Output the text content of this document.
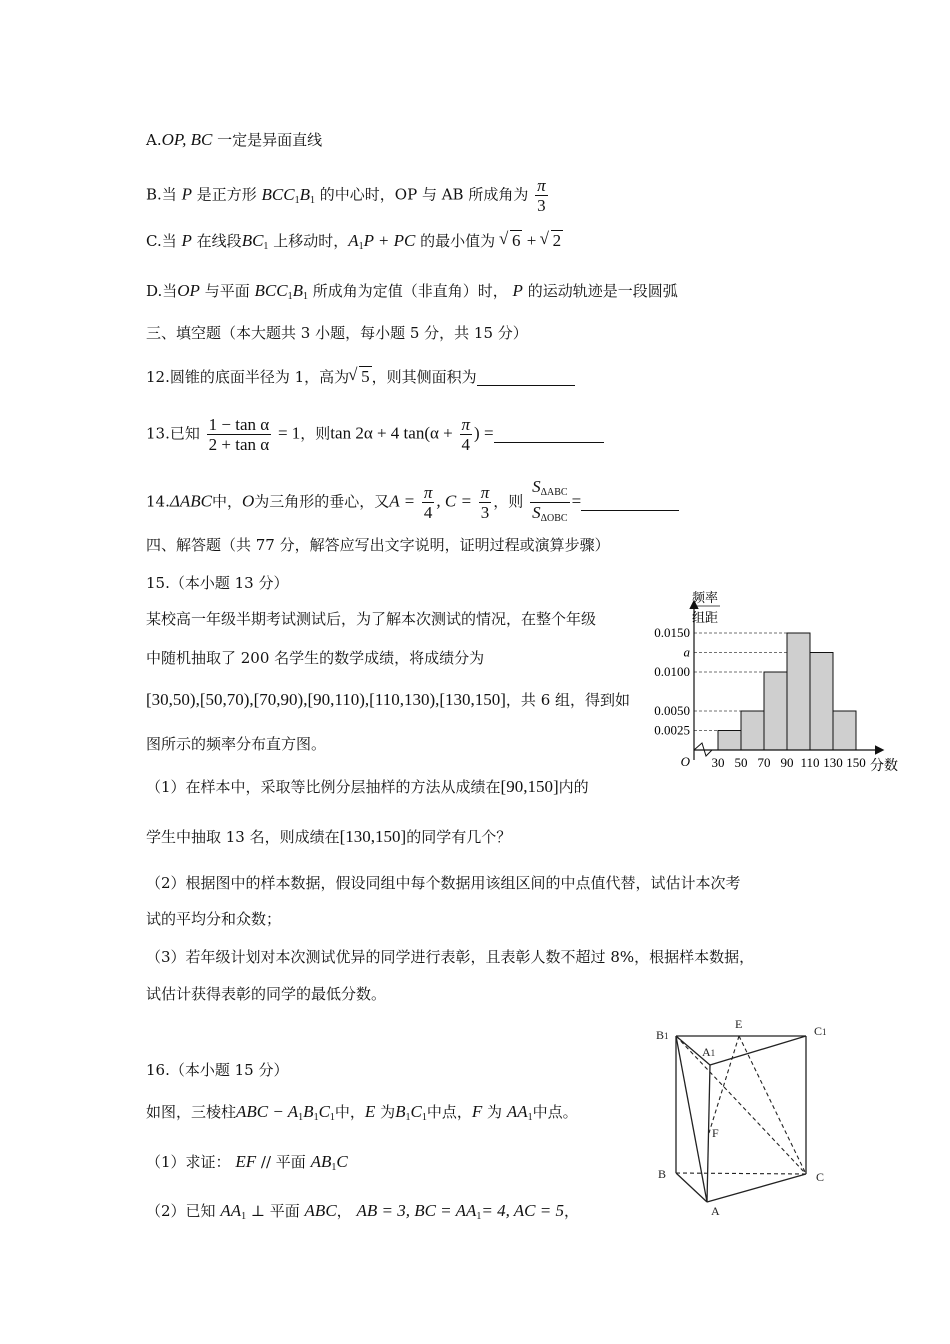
A.OP, BC 一定是异面直线
B.当 P 是正方形 $BCC_1B_1$ 的中心时，OP 与 AB 所成角为 $\frac{\pi}{3}$
C.当 P 在线段$BC_1$ 上移动时，$A_1P$ + PC 的最小值为 √ 6 + √ 2
D.当OP 与平面 $BCC_1B_1$ 所成角为定值（非直角）时， P 的运动轨迹是一段圆弧
三、填空题（本大题共 3 小题，每小题 5 分，共 15 分）
12.圆锥的底面半径为 1，高为 √ 5 ，则其侧面积为
13.已知 $\frac{\text{1 − tan α}}{\text{2 + tan α}} = 1$，则tan 2α + 4 $\tan(\alpha + \frac{\pi}{4}$ ) =
14.ΔABC中，O为三角形的垂心，又$A = \frac{\pi}{4}$ , $C = \frac{\pi}{3}$ ，则 $\frac{S_{\Delta ABC}}{S_{\Delta OBC}}$ =
四、解答题（共 77 分，解答应写出文字说明，证明过程或演算步骤）
15.（本小题 13 分）
某校高一年级半期考试测试后，为了解本次测试的情况，在整个年级
中随机抽取了 200 名学生的数学成绩，将成绩分为
[30,50),[50,70),[70,90),[90,110),[110,130),[130,150]，共 6 组，得到如
图所示的频率分布直方图。
（1）在样本中，采取等比例分层抽样的方法从成绩在[90,150]内的
学生中抽取 13 名，则成绩在[130,150]的同学有几个？
（2）根据图中的样本数据，假设同组中每个数据用该组区间的中点值代替，试估计本次考
试的平均分和众数；
（3）若年级计划对本次测试优异的同学进行表彰，且表彰人数不超过 8%，根据样本数据，
试估计获得表彰的同学的最低分数。
频率
组距
分数
O
0.0150
a
0.0100
0.0050
0.0025
30 50 70 90 110 130 150
16.（本小题 15 分）
如图，三棱柱ABC − $A_1B_1C_1$中，E 为$B_1C_1$中点，F 为 $AA_1$中点。
（1）求证： EF // 平面 $AB_1C$
（2）已知 $AA_1$ ⊥ 平面 ABC， AB = 3, BC = $AA_1= 4$, AC = 5，
B1
A1
C1
E
F
B
A
C
